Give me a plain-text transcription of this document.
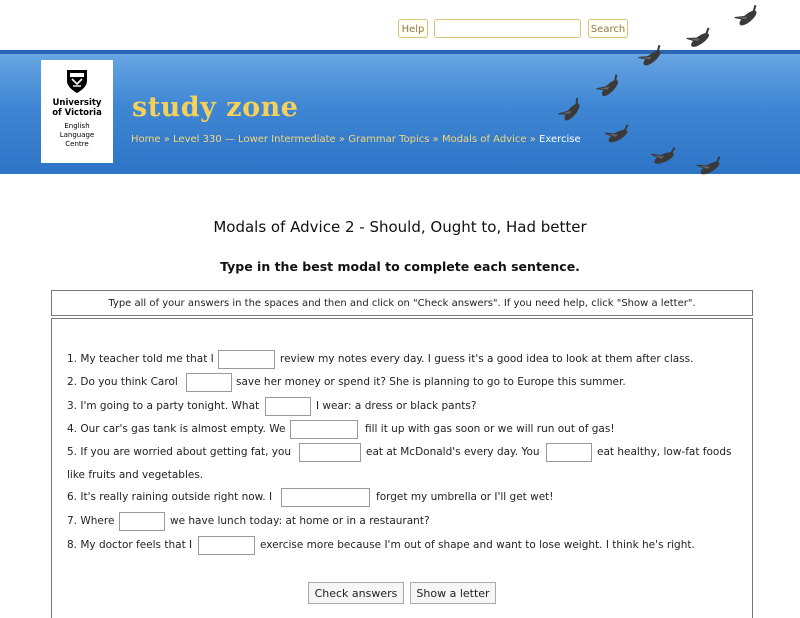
Help	Search
University
of Victoria
English
Language
Centre
study zone
Home » Level 330 — Lower Intermediate » Grammar Topics » Modals of Advice » Exercise
Modals of Advice 2 - Should, Ought to, Had better
Type in the best modal to complete each sentence.
Type all of your answers in the spaces and then and click on "Check answers". If you need help, click "Show a letter".
1. My teacher told me that I	review my notes every day. I guess it's a good idea to look at them after class.
2. Do you think Carol	save her money or spend it? She is planning to go to Europe this summer.
3. I'm going to a party tonight. What	I wear: a dress or black pants?
4. Our car's gas tank is almost empty. We	fill it up with gas soon or we will run out of gas!
5. If you are worried about getting fat, you	eat at McDonald's every day. You	eat healthy, low-fat foods
like fruits and vegetables.
6. It's really raining outside right now. I	forget my umbrella or I'll get wet!
7. Where	we have lunch today: at home or in a restaurant?
8. My doctor feels that I	exercise more because I'm out of shape and want to lose weight. I think he's right.
Check answers	Show a letter
